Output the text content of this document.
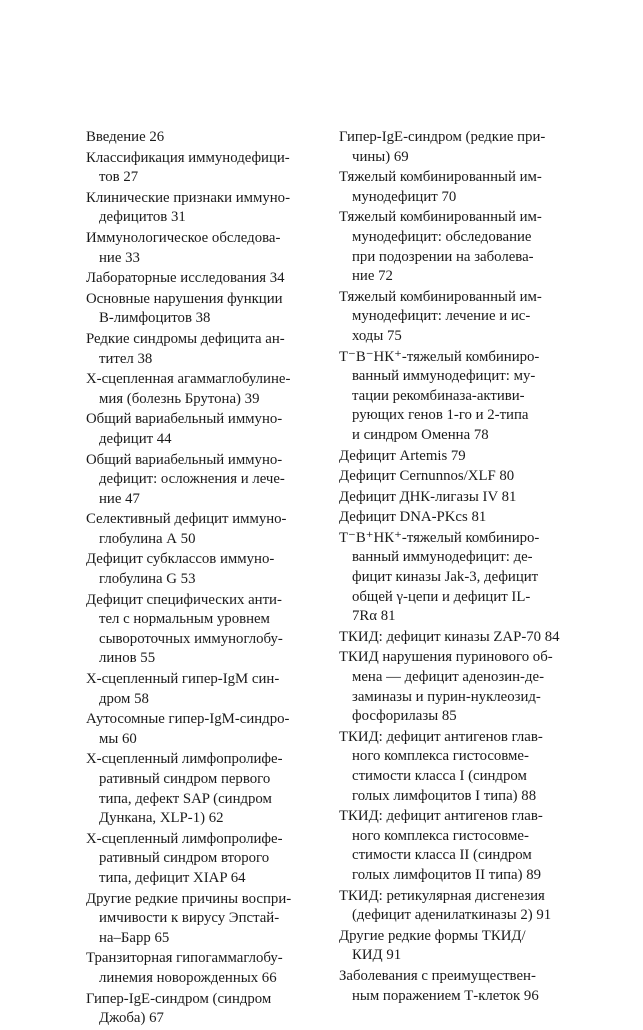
Введение 26
Классификация иммунодефици-
тов 27
Клинические признаки иммуно-
дефицитов 31
Иммунологическое обследова-
ние 33
Лабораторные исследования 34
Основные нарушения функции
В-лимфоцитов 38
Редкие синдромы дефицита ан-
тител 38
Х-сцепленная агаммаглобулине-
мия (болезнь Брутона) 39
Общий вариабельный иммуно-
дефицит 44
Общий вариабельный иммуно-
дефицит: осложнения и лече-
ние 47
Селективный дефицит иммуно-
глобулина А 50
Дефицит субклассов иммуно-
глобулина G 53
Дефицит специфических анти-
тел с нормальным уровнем
сывороточных иммуноглобу-
линов 55
Х-сцепленный гипер-IgM син-
дром 58
Аутосомные гипер-IgM-синдро-
мы 60
Х-сцепленный лимфопролифе-
ративный синдром первого
типа, дефект SAP (синдром
Дункана, XLP-1) 62
Х-сцепленный лимфопролифе-
ративный синдром второго
типа, дефицит XIAP 64
Другие редкие причины воспри-
имчивости к вирусу Эпстай-
на–Барр 65
Транзиторная гипогаммаглобу-
линемия новорожденных 66
Гипер-IgE-синдром (синдром
Джоба) 67
Гипер-IgE-синдром (редкие при-
чины) 69
Тяжелый комбинированный им-
мунодефицит 70
Тяжелый комбинированный им-
мунодефицит: обследование
при подозрении на заболева-
ние 72
Тяжелый комбинированный им-
мунодефицит: лечение и ис-
ходы 75
T⁻B⁻НК⁺-тяжелый комбиниро-
ванный иммунодефицит: му-
тации рекомбиназа-активи-
рующих генов 1-го и 2-типа
и синдром Оменна 78
Дефицит Artemis 79
Дефицит Cernunnos/XLF 80
Дефицит ДНК-лигазы IV 81
Дефицит DNA-PKcs 81
T⁻B⁺НК⁺-тяжелый комбиниро-
ванный иммунодефицит: де-
фицит киназы Jak-3, дефицит
общей γ-цепи и дефицит IL-
7Rα 81
ТКИД: дефицит киназы ZAP-70 84
ТКИД нарушения пуринового об-
мена — дефицит аденозин-де-
заминазы и пурин-нуклеозид-
фосфорилазы 85
ТКИД: дефицит антигенов глав-
ного комплекса гистосовме-
стимости класса I (синдром
голых лимфоцитов I типа) 88
ТКИД: дефицит антигенов глав-
ного комплекса гистосовме-
стимости класса II (синдром
голых лимфоцитов II типа) 89
ТКИД: ретикулярная дисгенезия
(дефицит аденилаткиназы 2) 91
Другие редкие формы ТКИД/
КИД 91
Заболевания с преимуществен-
ным поражением Т-клеток 96
